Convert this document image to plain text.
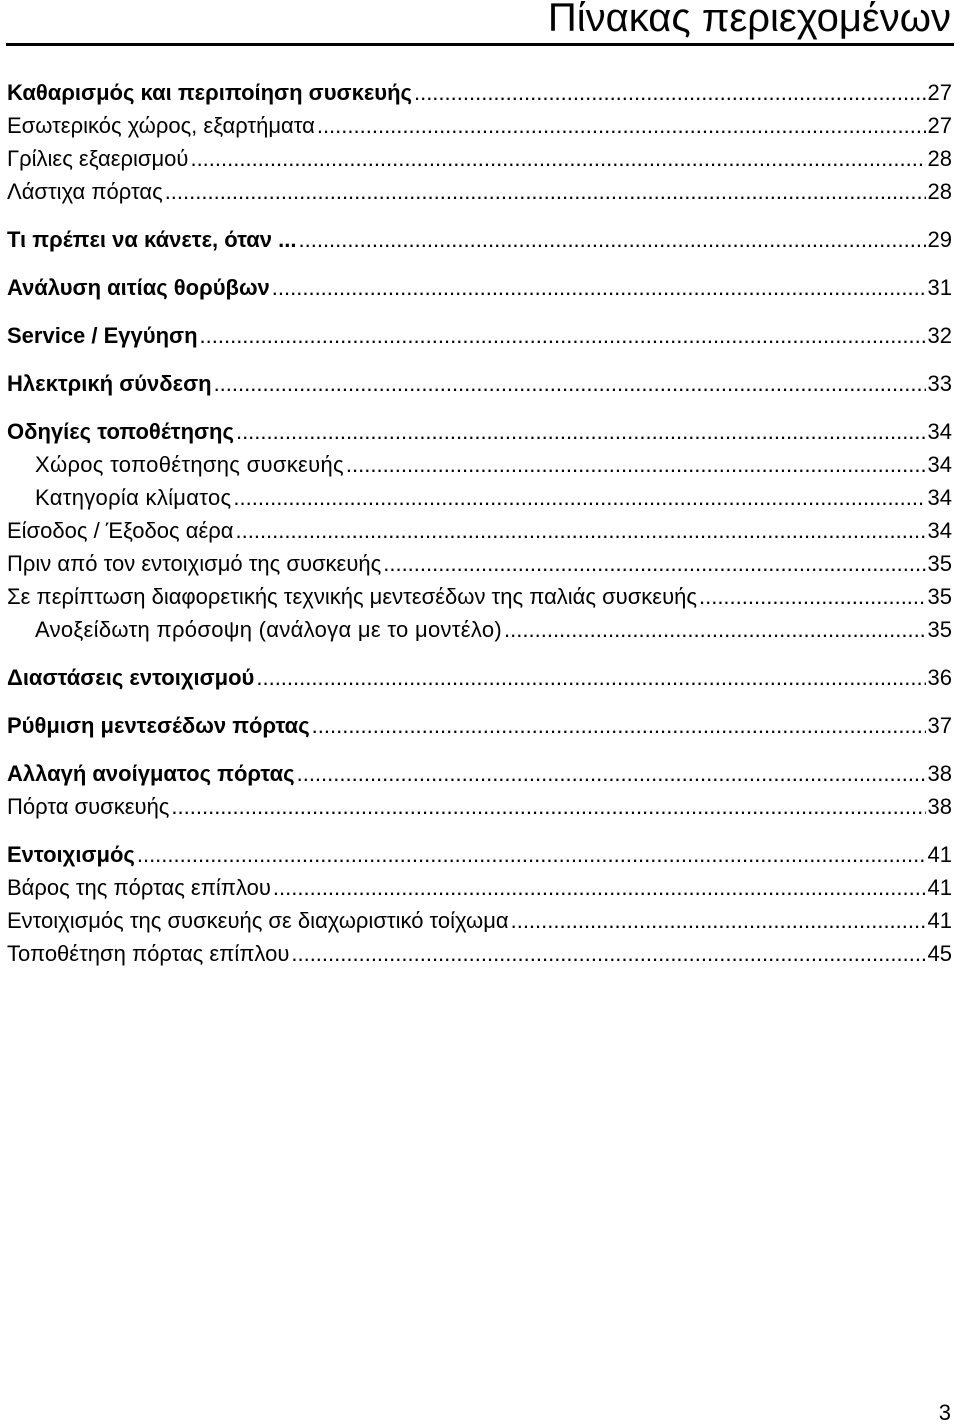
Πίνακας περιεχομένων
Καθαρισμός και περιποίηση συσκευής .....	27
Εσωτερικός χώρος, εξαρτήματα .....	27
Γρίλιες εξαερισμού .....	28
Λάστιχα πόρτας .....	28
Τι πρέπει να κάνετε, όταν ... .....	29
Ανάλυση αιτίας θορύβων .....	31
Service / Εγγύηση .....	32
Ηλεκτρική σύνδεση .....	33
Οδηγίες τοποθέτησης .....	34
Χώρος τοποθέτησης συσκευής .....	34
Κατηγορία κλίματος .....	34
Είσοδος / Έξοδος αέρα .....	34
Πριν από τον εντοιχισμό της συσκευής .....	35
Σε περίπτωση διαφορετικής τεχνικής μεντεσέδων της παλιάς συσκευής .....	35
Ανοξείδωτη πρόσοψη (ανάλογα με το μοντέλο) .....	35
Διαστάσεις εντοιχισμού .....	36
Ρύθμιση μεντεσέδων πόρτας .....	37
Αλλαγή ανοίγματος πόρτας .....	38
Πόρτα συσκευής .....	38
Εντοιχισμός .....	41
Βάρος της πόρτας επίπλου .....	41
Εντοιχισμός της συσκευής σε διαχωριστικό τοίχωμα .....	41
Τοποθέτηση πόρτας επίπλου .....	45
3
